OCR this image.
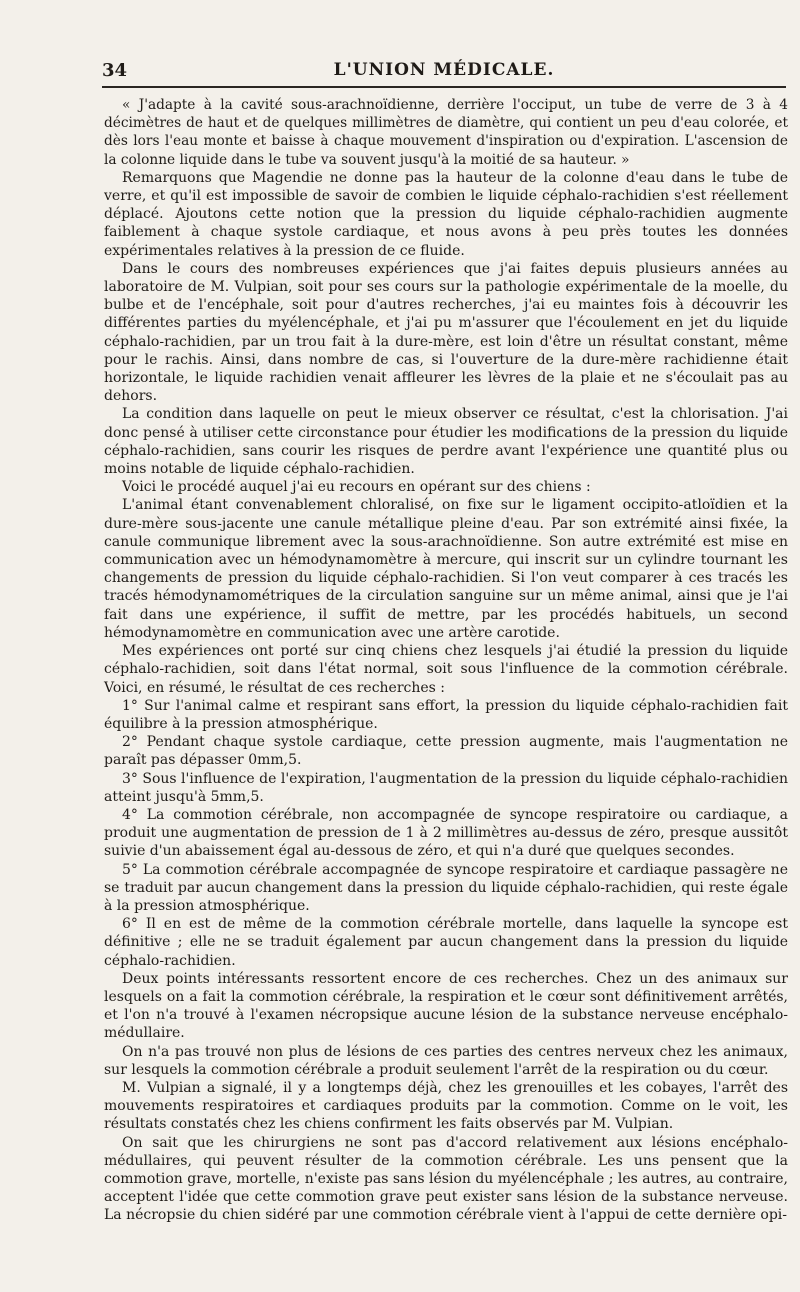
34	L'UNION MÉDICALE.

« J'adapte à la cavité sous-arachnoïdienne, derrière l'occiput, un tube de verre de 3 à 4 décimètres de haut et de quelques millimètres de diamètre, qui contient un peu d'eau colorée, et dès lors l'eau monte et baisse à chaque mouvement d'inspiration ou d'expiration. L'ascension de la colonne liquide dans le tube va souvent jusqu'à la moitié de sa hauteur. »

Remarquons que Magendie ne donne pas la hauteur de la colonne d'eau dans le tube de verre, et qu'il est impossible de savoir de combien le liquide céphalo-rachidien s'est réellement déplacé. Ajoutons cette notion que la pression du liquide céphalo-rachidien augmente faiblement à chaque systole cardiaque, et nous avons à peu près toutes les données expérimentales relatives à la pression de ce fluide.

Dans le cours des nombreuses expériences que j'ai faites depuis plusieurs années au laboratoire de M. Vulpian, soit pour ses cours sur la pathologie expérimentale de la moelle, du bulbe et de l'encéphale, soit pour d'autres recherches, j'ai eu maintes fois à découvrir les différentes parties du myélencéphale, et j'ai pu m'assurer que l'écoulement en jet du liquide céphalo-rachidien, par un trou fait à la dure-mère, est loin d'être un résultat constant, même pour le rachis. Ainsi, dans nombre de cas, si l'ouverture de la dure-mère rachidienne était horizontale, le liquide rachidien venait affleurer les lèvres de la plaie et ne s'écoulait pas au dehors.

La condition dans laquelle on peut le mieux observer ce résultat, c'est la chlorisation. J'ai donc pensé à utiliser cette circonstance pour étudier les modifications de la pression du liquide céphalo-rachidien, sans courir les risques de perdre avant l'expérience une quantité plus ou moins notable de liquide céphalo-rachidien.

Voici le procédé auquel j'ai eu recours en opérant sur des chiens :

L'animal étant convenablement chloralisé, on fixe sur le ligament occipito-atloïdien et la dure-mère sous-jacente une canule métallique pleine d'eau. Par son extrémité ainsi fixée, la canule communique librement avec la sous-arachnoïdienne. Son autre extrémité est mise en communication avec un hémodynamomètre à mercure, qui inscrit sur un cylindre tournant les changements de pression du liquide céphalo-rachidien. Si l'on veut comparer à ces tracés les tracés hémodynamométriques de la circulation sanguine sur un même animal, ainsi que je l'ai fait dans une expérience, il suffit de mettre, par les procédés habituels, un second hémodynamomètre en communication avec une artère carotide.

Mes expériences ont porté sur cinq chiens chez lesquels j'ai étudié la pression du liquide céphalo-rachidien, soit dans l'état normal, soit sous l'influence de la commotion cérébrale. Voici, en résumé, le résultat de ces recherches :

1° Sur l'animal calme et respirant sans effort, la pression du liquide céphalo-rachidien fait équilibre à la pression atmosphérique.

2° Pendant chaque systole cardiaque, cette pression augmente, mais l'augmentation ne paraît pas dépasser 0mm,5.

3° Sous l'influence de l'expiration, l'augmentation de la pression du liquide céphalo-rachidien atteint jusqu'à 5mm,5.

4° La commotion cérébrale, non accompagnée de syncope respiratoire ou cardiaque, a produit une augmentation de pression de 1 à 2 millimètres au-dessus de zéro, presque aussitôt suivie d'un abaissement égal au-dessous de zéro, et qui n'a duré que quelques secondes.

5° La commotion cérébrale accompagnée de syncope respiratoire et cardiaque passagère ne se traduit par aucun changement dans la pression du liquide céphalo-rachidien, qui reste égale à la pression atmosphérique.

6° Il en est de même de la commotion cérébrale mortelle, dans laquelle la syncope est définitive ; elle ne se traduit également par aucun changement dans la pression du liquide céphalo-rachidien.

Deux points intéressants ressortent encore de ces recherches. Chez un des animaux sur lesquels on a fait la commotion cérébrale, la respiration et le cœur sont définitivement arrêtés, et l'on n'a trouvé à l'examen nécropsique aucune lésion de la substance nerveuse encéphalo-médullaire.

On n'a pas trouvé non plus de lésions de ces parties des centres nerveux chez les animaux, sur lesquels la commotion cérébrale a produit seulement l'arrêt de la respiration ou du cœur.

M. Vulpian a signalé, il y a longtemps déjà, chez les grenouilles et les cobayes, l'arrêt des mouvements respiratoires et cardiaques produits par la commotion. Comme on le voit, les résultats constatés chez les chiens confirment les faits observés par M. Vulpian.

On sait que les chirurgiens ne sont pas d'accord relativement aux lésions encéphalo-médullaires, qui peuvent résulter de la commotion cérébrale. Les uns pensent que la commotion grave, mortelle, n'existe pas sans lésion du myélencéphale ; les autres, au contraire, acceptent l'idée que cette commotion grave peut exister sans lésion de la substance nerveuse. La nécropsie du chien sidéré par une commotion cérébrale vient à l'appui de cette dernière opi-
